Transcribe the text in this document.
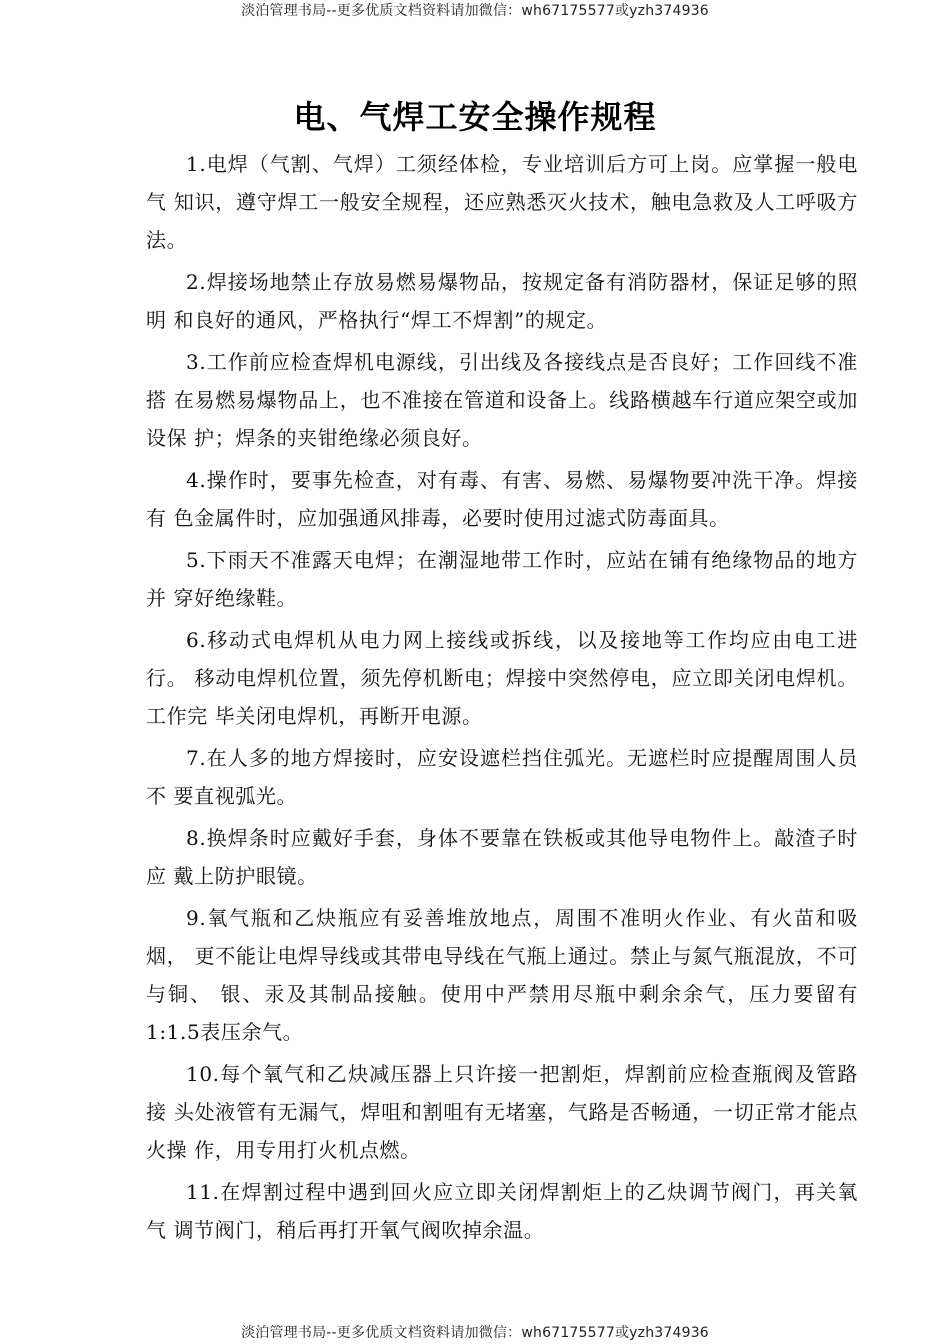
淡泊管理书局--更多优质文档资料请加微信：wh67175577或yzh374936
电、气焊工安全操作规程

1.电焊（气割、气焊）工须经体检，专业培训后方可上岗。应掌握一般电气 知识，遵守焊工一般安全规程，还应熟悉灭火技术，触电急救及人工呼吸方法。

2.焊接场地禁止存放易燃易爆物品，按规定备有消防器材，保证足够的照明 和良好的通风，严格执行“焊工不焊割”的规定。

3.工作前应检查焊机电源线，引出线及各接线点是否良好；工作回线不准搭 在易燃易爆物品上，也不准接在管道和设备上。线路横越车行道应架空或加设保 护；焊条的夹钳绝缘必须良好。

4.操作时，要事先检查，对有毒、有害、易燃、易爆物要冲洗干净。焊接有 色金属件时，应加强通风排毒，必要时使用过滤式防毒面具。

5.下雨天不准露天电焊；在潮湿地带工作时，应站在铺有绝缘物品的地方并 穿好绝缘鞋。

6.移动式电焊机从电力网上接线或拆线，以及接地等工作均应由电工进行。 移动电焊机位置，须先停机断电；焊接中突然停电，应立即关闭电焊机。工作完 毕关闭电焊机，再断开电源。

7.在人多的地方焊接时，应安设遮栏挡住弧光。无遮栏时应提醒周围人员不 要直视弧光。

8.换焊条时应戴好手套，身体不要靠在铁板或其他导电物件上。敲渣子时应 戴上防护眼镜。

9.氧气瓶和乙炔瓶应有妥善堆放地点，周围不准明火作业、有火苗和吸烟， 更不能让电焊导线或其带电导线在气瓶上通过。禁止与氮气瓶混放，不可与铜、 银、汞及其制品接触。使用中严禁用尽瓶中剩余余气，压力要留有1:1.5表压余气。

10.每个氧气和乙炔减压器上只许接一把割炬，焊割前应检查瓶阀及管路接 头处液管有无漏气，焊咀和割咀有无堵塞，气路是否畅通，一切正常才能点火操 作，用专用打火机点燃。

11.在焊割过程中遇到回火应立即关闭焊割炬上的乙炔调节阀门，再关氧气 调节阀门，稍后再打开氧气阀吹掉余温。

淡泊管理书局--更多优质文档资料请加微信：wh67175577或yzh374936
